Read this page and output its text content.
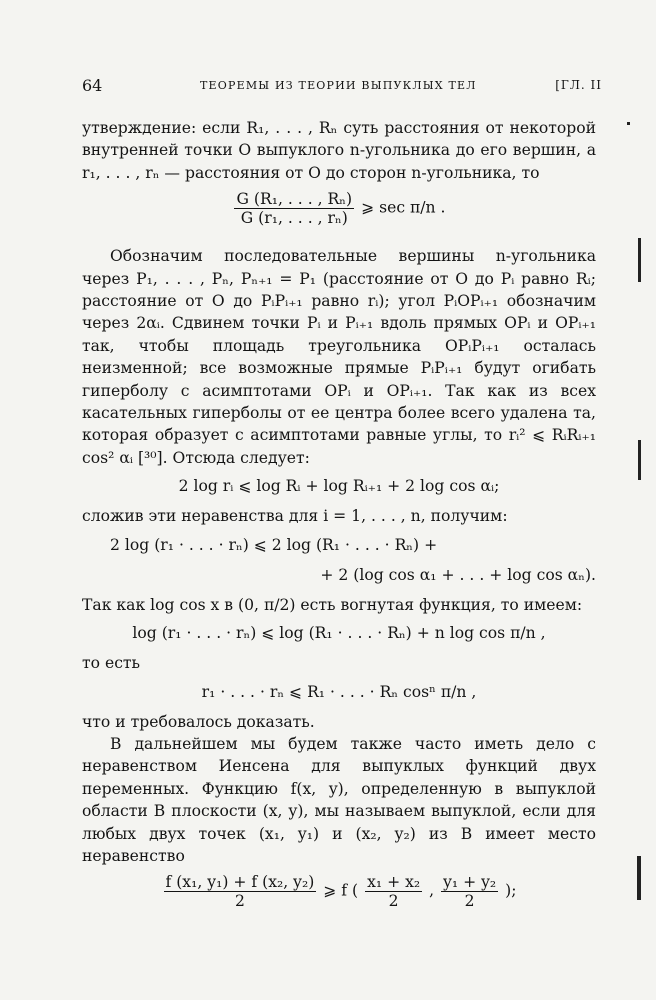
64	ТЕОРЕМЫ ИЗ ТЕОРИИ ВЫПУКЛЫХ ТЕЛ	[ГЛ. II

утверждение: если R₁, . . . , Rₙ суть расстояния от некоторой внутренней точки O выпуклого n-угольника до его вершин, а r₁, . . . , rₙ — расстояния от O до сторон n-угольника, то

$\frac{\text{G (R₁, . . . , Rₙ)}}{\text{G (r₁, . . . , rₙ)}}$ ⩾ sec π/n .

Обозначим последовательные вершины n-угольника через P₁, . . . , Pₙ, Pₙ₊₁ = P₁ (расстояние от O до Pᵢ равно Rᵢ; расстояние от O до PᵢPᵢ₊₁ равно rᵢ); угол PᵢOPᵢ₊₁ обозначим через 2αᵢ. Сдвинем точки Pᵢ и Pᵢ₊₁ вдоль прямых OPᵢ и OPᵢ₊₁ так, чтобы площадь треугольника OPᵢPᵢ₊₁ осталась неизменной; все возможные прямые PᵢPᵢ₊₁ будут огибать гиперболу с асимптотами OPᵢ и OPᵢ₊₁. Так как из всех касательных гиперболы от ее центра более всего удалена та, которая образует с асимптотами равные углы, то rᵢ² ⩽ RᵢRᵢ₊₁ cos² αᵢ [³⁰]. Отсюда следует:

2 log rᵢ ⩽ log Rᵢ + log Rᵢ₊₁ + 2 log cos αᵢ;

сложив эти неравенства для i = 1, . . . , n, получим:

2 log (r₁ · . . . · rₙ) ⩽ 2 log (R₁ · . . . · Rₙ) +
+ 2 (log cos α₁ + . . . + log cos αₙ).

Так как log cos x в (0, π/2) есть вогнутая функция, то имеем:

log (r₁ · . . . · rₙ) ⩽ log (R₁ · . . . · Rₙ) + n log cos π/n ,

то есть

r₁ · . . . · rₙ ⩽ R₁ · . . . · Rₙ cosⁿ π/n ,

что и требовалось доказать.

В дальнейшем мы будем также часто иметь дело с неравенством Иенсена для выпуклых функций двух переменных. Функцию f(x, y), определенную в выпуклой области B плоскости (x, y), мы называем выпуклой, если для любых двух точек (x₁, y₁) и (x₂, y₂) из B имеет место неравенство

$\frac{\text{f (x₁, y₁) + f (x₂, y₂)}}{2}$ ⩾ f ( $\frac{\text{x₁ + x₂}}{2}$ , $\frac{\text{y₁ + y₂}}{2}$ );
